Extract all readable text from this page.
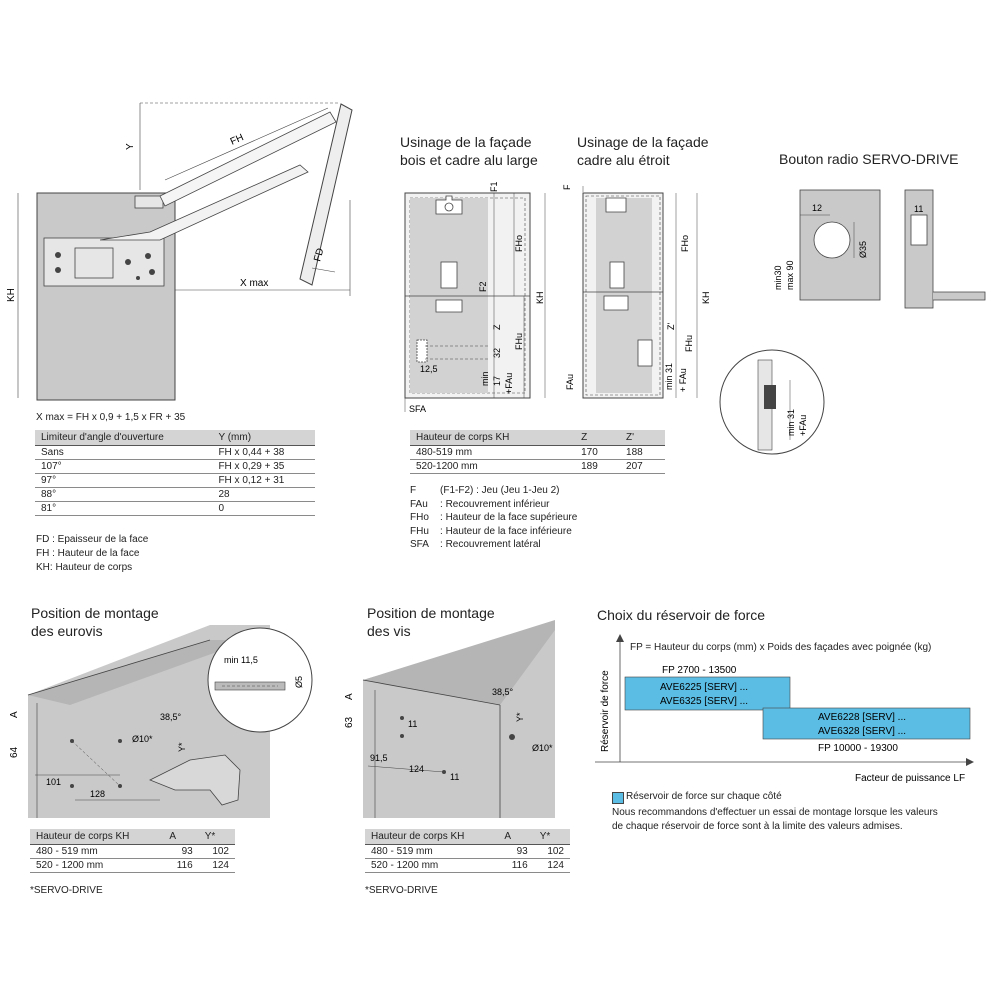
Y	FH
FD
KH
X max
X max = FH x 0,9 + 1,5 x FR + 35
Limiteur d'angle d'ouverture	Y (mm)
Sans	FH x 0,44 + 38
107°	FH x 0,29 + 35
97°	FH x 0,12 + 31
88°	28
81°	0
FD : Epaisseur de la face
FH : Hauteur de la face
KH: Hauteur de corps
Usinage de la façade
bois et cadre alu large
F1
F2
FHo
FHu
KH
Z
32
12,5
min 17 +FAu
SFA
Usinage de la façade
cadre alu étroit
F
FHo
KH
Z'
FHu
min 31 + FAu
FAu
Bouton radio SERVO-DRIVE
12
Ø35
min30 max 90
11
min 31 +FAu
Hauteur de corps KH	Z	Z'
480-519 mm	170	188
520-1200 mm	189	207
F	(F1-F2) : Jeu (Jeu 1-Jeu 2)
FAu	: Recouvrement inférieur
FHo	: Hauteur de la face supérieure
FHu	: Hauteur de la face inférieure
SFA	: Recouvrement latéral
Position de montage
des eurovis
A
64
38,5°
Ø10*
Y*
101
128
min 11,5
Ø5
Hauteur de corps KH	A	Y*
480 - 519 mm	93	102
520 - 1200 mm	116	124
*SERVO-DRIVE
Position de montage
des vis
A
63
38,5°
Y*
11
91,5
124
11
Ø10*
Hauteur de corps KH	A	Y*
480 - 519 mm	93	102
520 - 1200 mm	116	124
*SERVO-DRIVE
Choix du réservoir de force
FP = Hauteur du corps (mm) x Poids des façades avec poignée (kg)
Réservoir de force	FP 2700 - 13500
AVE6225 [SERV] ...
AVE6325 [SERV] ...
AVE6228 [SERV] ...
AVE6328 [SERV] ...
FP 10000 - 19300
Facteur de puissance LF
Réservoir de force sur chaque côté
Nous recommandons d'effectuer un essai de montage lorsque les valeurs
de chaque réservoir de force sont à la limite des valeurs admises.
